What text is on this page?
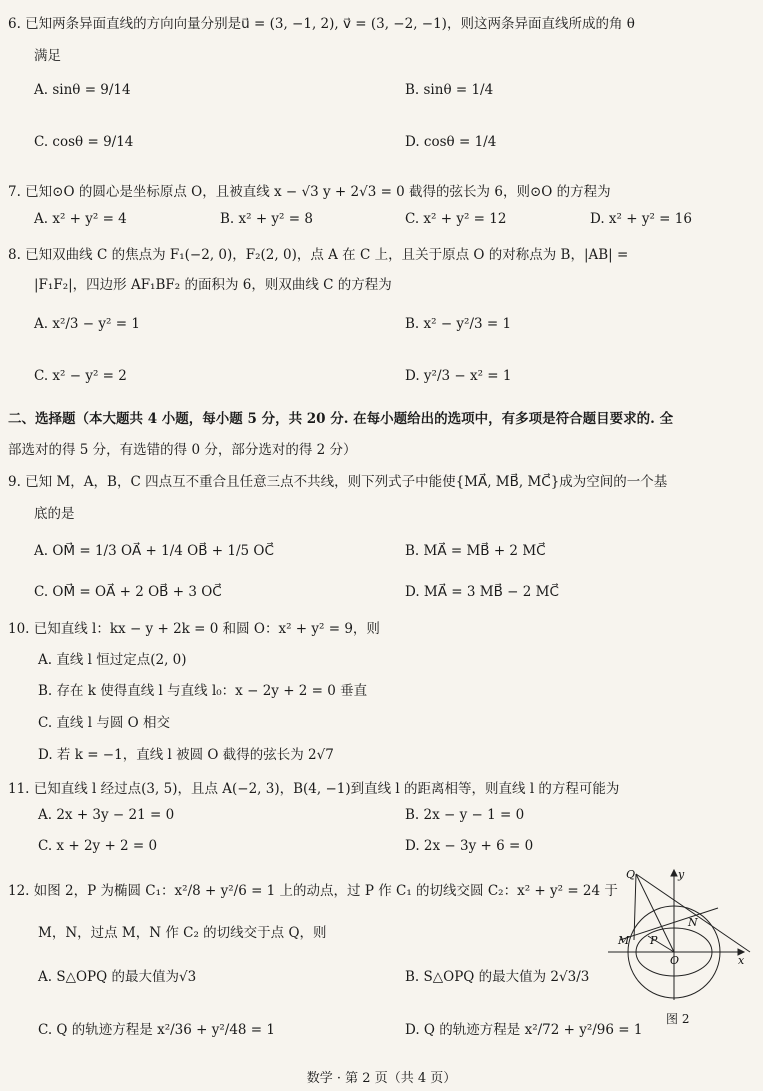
6. 已知两条异面直线的方向向量分别是u⃗ = (3, −1, 2), v⃗ = (3, −2, −1)，则这两条异面直线所成的角 θ
满足
A. sinθ = 9/14	B. sinθ = 1/4
C. cosθ = 9/14	D. cosθ = 1/4
7. 已知⊙O 的圆心是坐标原点 O，且被直线 x − √3 y + 2√3 = 0 截得的弦长为 6，则⊙O 的方程为
A. x² + y² = 4	B. x² + y² = 8	C. x² + y² = 12	D. x² + y² = 16
8. 已知双曲线 C 的焦点为 F₁(−2, 0)，F₂(2, 0)，点 A 在 C 上，且关于原点 O 的对称点为 B，|AB| =
|F₁F₂|，四边形 AF₁BF₂ 的面积为 6，则双曲线 C 的方程为
A. x²/3 − y² = 1	B. x² − y²/3 = 1
C. x² − y² = 2	D. y²/3 − x² = 1
二、选择题（本大题共 4 小题，每小题 5 分，共 20 分. 在每小题给出的选项中，有多项是符合题目要求的. 全
部选对的得 5 分，有选错的得 0 分，部分选对的得 2 分）
9. 已知 M，A，B，C 四点互不重合且任意三点不共线，则下列式子中能使{MA⃗, MB⃗, MC⃗}成为空间的一个基
底的是
A. OM⃗ = 1/3 OA⃗ + 1/4 OB⃗ + 1/5 OC⃗	B. MA⃗ = MB⃗ + 2 MC⃗
C. OM⃗ = OA⃗ + 2 OB⃗ + 3 OC⃗	D. MA⃗ = 3 MB⃗ − 2 MC⃗
10. 已知直线 l：kx − y + 2k = 0 和圆 O：x² + y² = 9，则
A. 直线 l 恒过定点(2, 0)
B. 存在 k 使得直线 l 与直线 l₀：x − 2y + 2 = 0 垂直
C. 直线 l 与圆 O 相交
D. 若 k = −1，直线 l 被圆 O 截得的弦长为 2√7
11. 已知直线 l 经过点(3, 5)，且点 A(−2, 3)，B(4, −1)到直线 l 的距离相等，则直线 l 的方程可能为
A. 2x + 3y − 21 = 0	B. 2x − y − 1 = 0
C. x + 2y + 2 = 0	D. 2x − 3y + 6 = 0
12. 如图 2，P 为椭圆 C₁：x²/8 + y²/6 = 1 上的动点，过 P 作 C₁ 的切线交圆 C₂：x² + y² = 24 于
M，N，过点 M，N 作 C₂ 的切线交于点 Q，则
A. S△OPQ 的最大值为√3	B. S△OPQ 的最大值为 2√3/3
C. Q 的轨迹方程是 x²/36 + y²/48 = 1	D. Q 的轨迹方程是 x²/72 + y²/96 = 1
Q	y
N
M P
O	x
图 2
数学 · 第 2 页（共 4 页）
